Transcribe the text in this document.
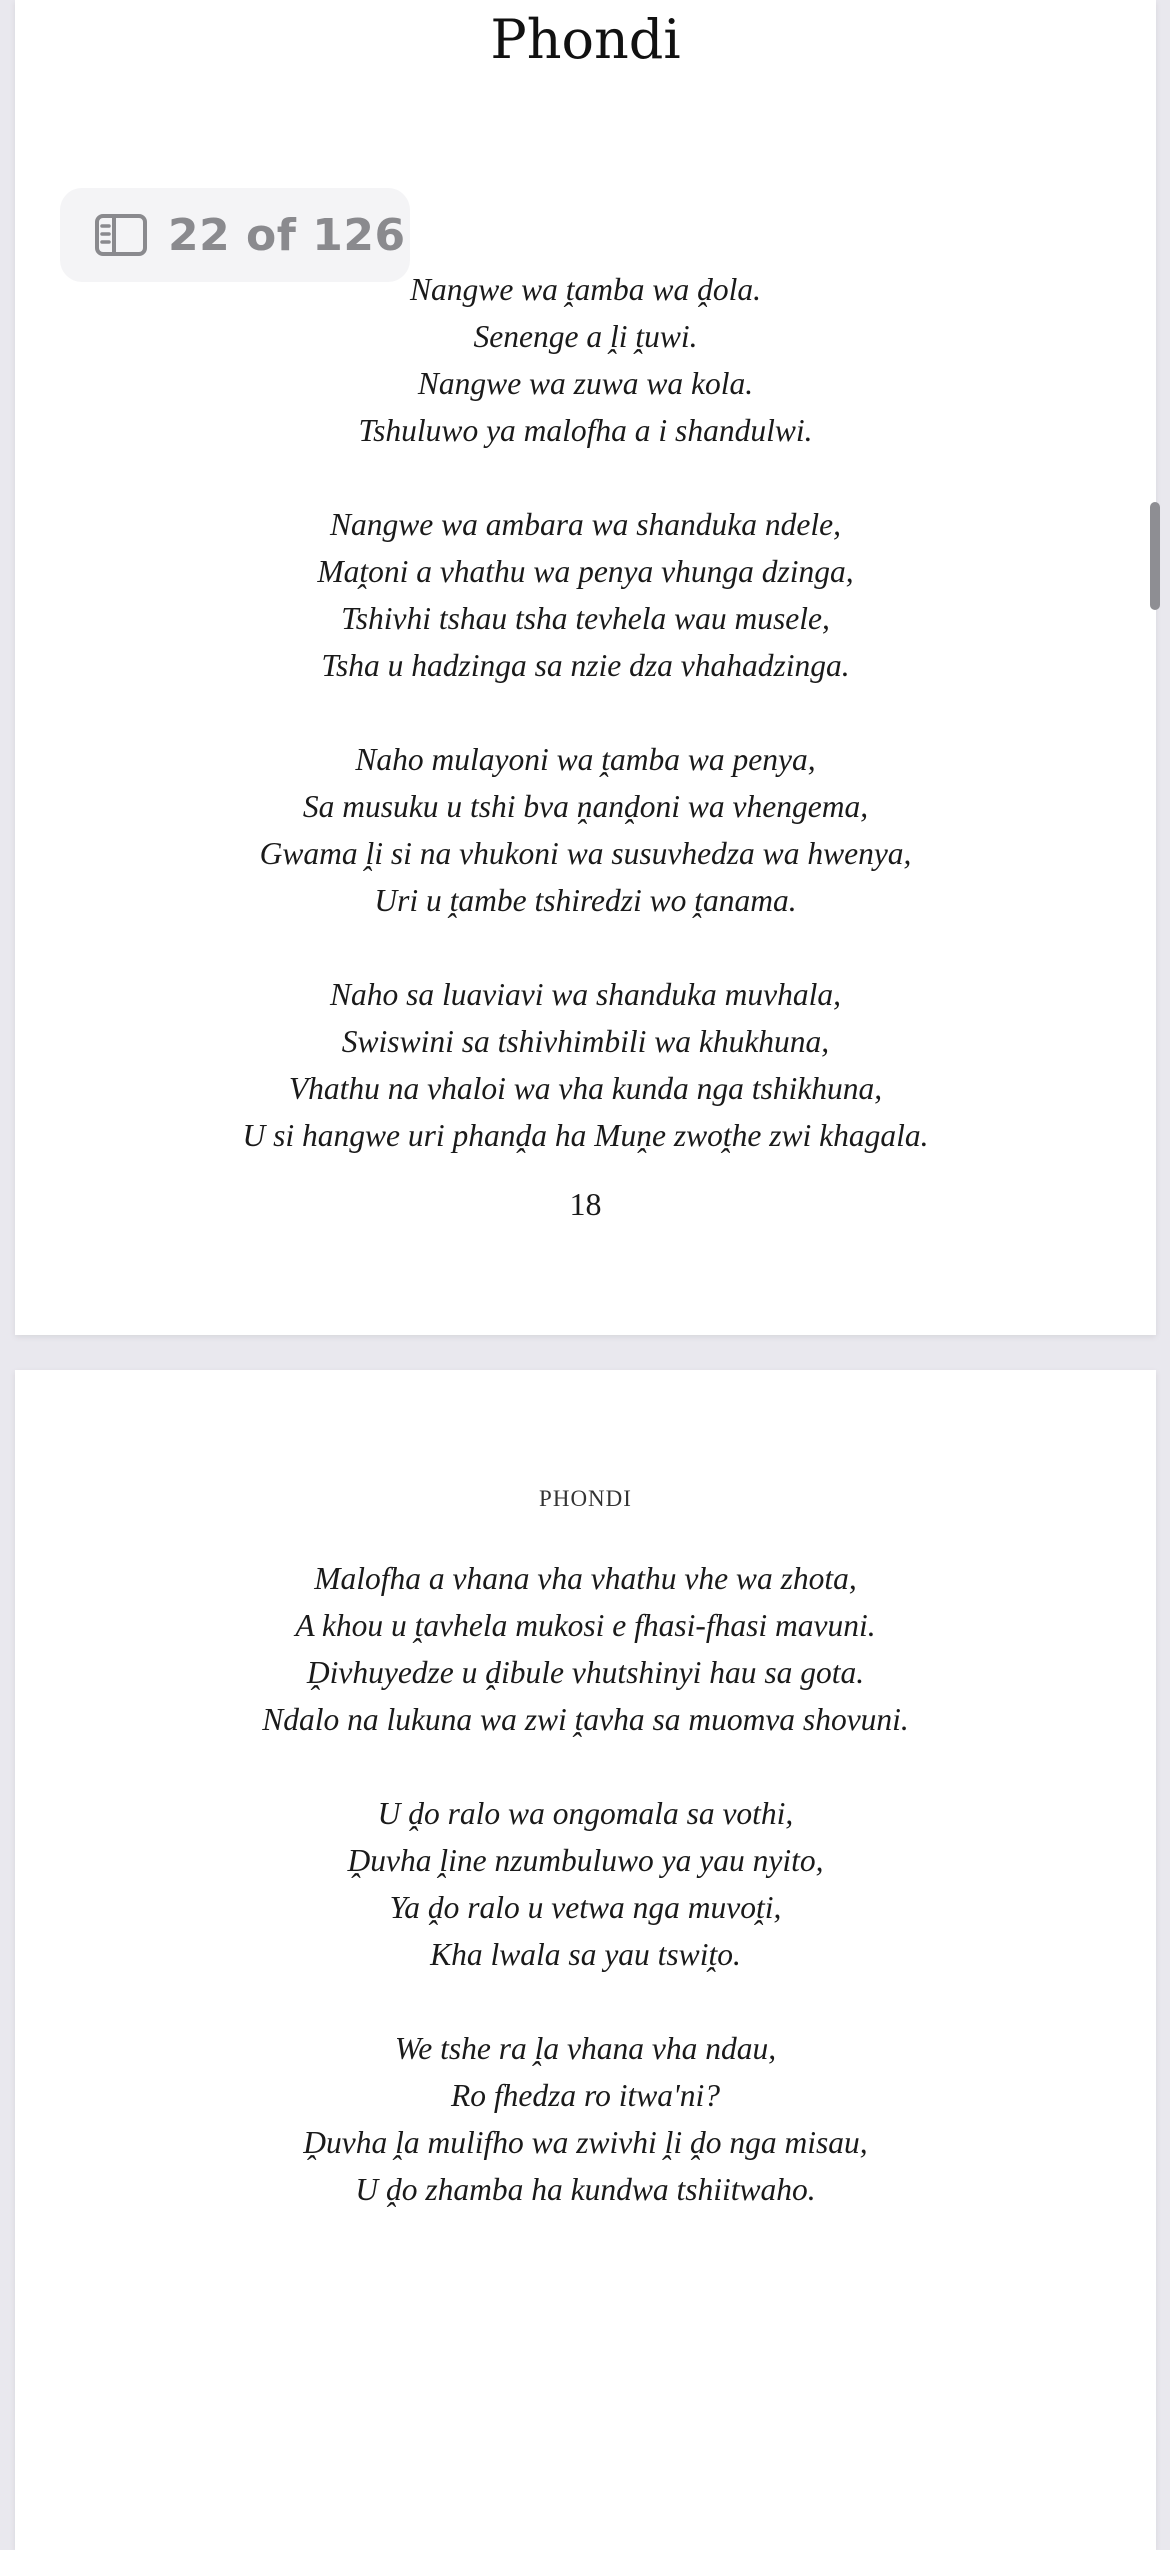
Phondi
Nangwe wa ṱamba wa ḓola.
Senenge a ḽi ṱuwi.
Nangwe wa zuwa wa kola.
Tshuluwo ya malofha a i shandulwi.
Nangwe wa ambara wa shanduka ndele,
Maṱoni a vhathu wa penya vhunga dzinga,
Tshivhi tshau tsha tevhela wau musele,
Tsha u hadzinga sa nzie dza vhahadzinga.
Naho mulayoni wa ṱamba wa penya,
Sa musuku u tshi bva ṋanḓoni wa vhengema,
Gwama ḽi si na vhukoni wa susuvhedza wa hwenya,
Uri u ṱambe tshiredzi wo ṱanama.
Naho sa luaviavi wa shanduka muvhala,
Swiswini sa tshivhimbili wa khukhuna,
Vhathu na vhaloi wa vha kunda nga tshikhuna,
U si hangwe uri phanḓa ha Muṋe zwoṱhe zwi khagala.
18
PHONDI
Malofha a vhana vha vhathu vhe wa zhota,
A khou u ṱavhela mukosi e fhasi-fhasi mavuni.
Ḓivhuyedze u ḓibule vhutshinyi hau sa gota.
Ndalo na lukuna wa zwi ṱavha sa muomva shovuni.
U ḓo ralo wa ongomala sa vothi,
Ḓuvha ḽine nzumbuluwo ya yau nyito,
Ya ḓo ralo u vetwa nga muvoṱi,
Kha lwala sa yau tswiṱo.
We tshe ra ḽa vhana vha ndau,
Ro fhedza ro itwa'ni?
Ḓuvha ḽa mulifho wa zwivhi ḽi ḓo nga misau,
U ḓo zhamba ha kundwa tshiitwaho.
22 of 126
